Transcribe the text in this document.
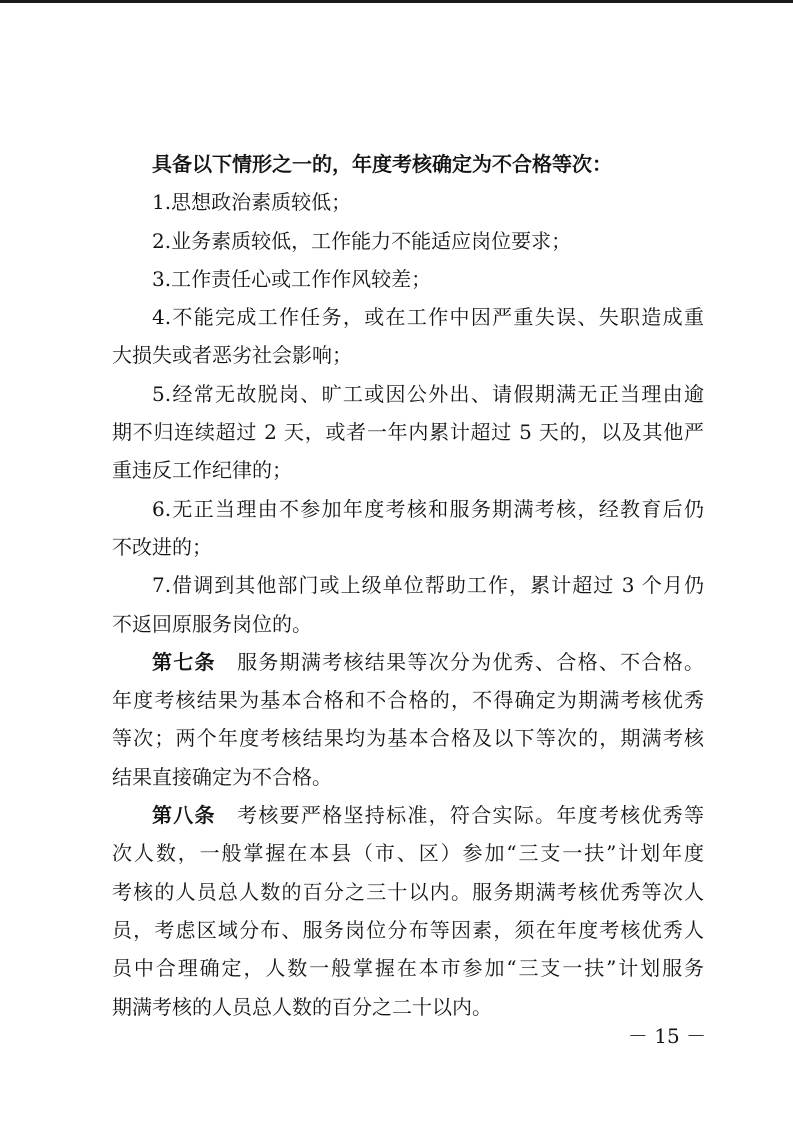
具备以下情形之一的，年度考核确定为不合格等次：
1.思想政治素质较低；
2.业务素质较低，工作能力不能适应岗位要求；
3.工作责任心或工作作风较差；
4.不能完成工作任务，或在工作中因严重失误、失职造成重
大损失或者恶劣社会影响；
5.经常无故脱岗、旷工或因公外出、请假期满无正当理由逾
期不归连续超过 2 天，或者一年内累计超过 5 天的，以及其他严
重违反工作纪律的；
6.无正当理由不参加年度考核和服务期满考核，经教育后仍
不改进的；
7.借调到其他部门或上级单位帮助工作，累计超过 3 个月仍
不返回原服务岗位的。
第七条 服务期满考核结果等次分为优秀、合格、不合格。
年度考核结果为基本合格和不合格的，不得确定为期满考核优秀
等次；两个年度考核结果均为基本合格及以下等次的，期满考核
结果直接确定为不合格。
第八条 考核要严格坚持标准，符合实际。年度考核优秀等
次人数，一般掌握在本县（市、区）参加“三支一扶”计划年度
考核的人员总人数的百分之三十以内。服务期满考核优秀等次人
员，考虑区域分布、服务岗位分布等因素，须在年度考核优秀人
员中合理确定，人数一般掌握在本市参加“三支一扶”计划服务
期满考核的人员总人数的百分之二十以内。
－ 15 －
